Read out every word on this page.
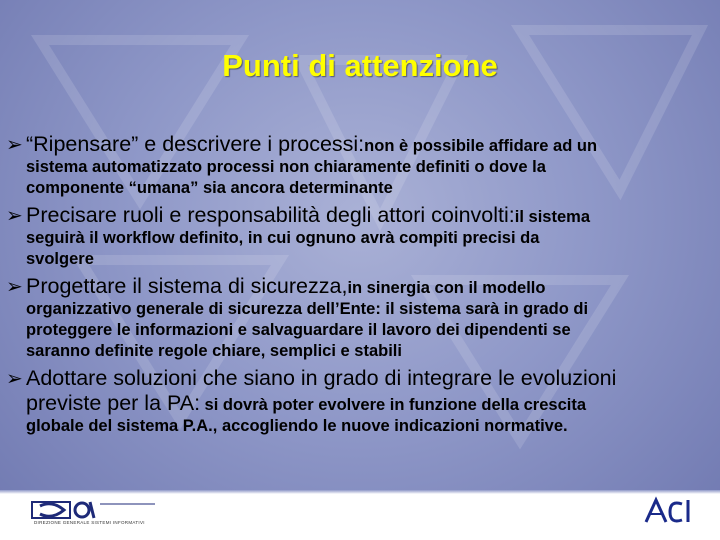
Punti di attenzione
➢ “Ripensare” e descrivere i processi: non è possibile affidare ad un
sistema automatizzato processi non chiaramente definiti o dove la
componente “umana” sia ancora determinante
➢ Precisare ruoli e responsabilità degli attori coinvolti: il sistema
seguirà il workflow definito, in cui ognuno avrà compiti precisi da
svolgere
➢ Progettare il sistema di sicurezza, in sinergia con il modello
organizzativo generale di sicurezza dell’Ente: il sistema sarà in grado di
proteggere le informazioni e salvaguardare il lavoro dei dipendenti se
saranno definite regole chiare, semplici e stabili
➢ Adottare soluzioni che siano in grado di integrare le evoluzioni
previste per la PA: si dovrà poter evolvere in funzione della crescita
globale del sistema P.A., accogliendo le nuove indicazioni normative.
DIREZIONE GENERALE SISTEMI INFORMATIVI
